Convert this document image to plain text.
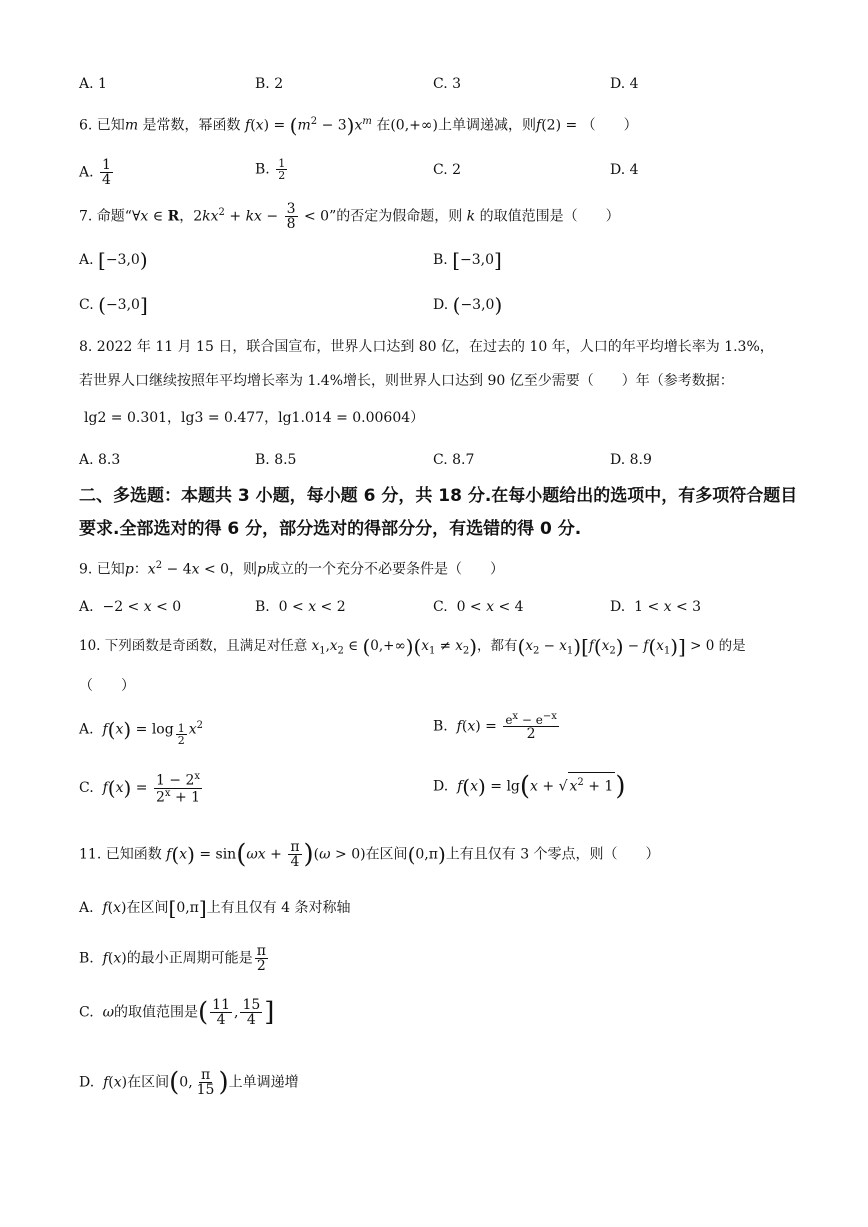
A. 1	B. 2	C. 3	D. 4
6. 已知m 是常数，幂函数 $f(x) = (m^2 - 3)x^m$ 在(0,+∞)上单调递减，则f(2) = （　　）
A. $\frac{1}{4}$	B. $\frac{1}{2}$	C. 2	D. 4
7. 命题“∀x ∈ R，$2kx^2$ + kx − $\frac{3}{8} < 0$”的否定为假命题，则 k 的取值范围是（　　）
A. [−3,0)	B. [−3,0]
C. (−3,0]	D. (−3,0)
8. 2022 年 11 月 15 日，联合国宣布，世界人口达到 80 亿，在过去的 10 年，人口的年平均增长率为 1.3%，
若世界人口继续按照年平均增长率为 1.4%增长，则世界人口达到 90 亿至少需要（　　）年（参考数据：
lg2 = 0.301，lg3 = 0.477，lg1.014 = 0.00604）
A. 8.3	B. 8.5	C. 8.7	D. 8.9
二、多选题：本题共 3 小题，每小题 6 分，共 18 分.在每小题给出的选项中，有多项符合题目
要求.全部选对的得 6 分，部分选对的得部分分，有选错的得 0 分.
9. 已知p：$x^2 - 4x < 0$，则p成立的一个充分不必要条件是（　　）
A.  −2 < x < 0	B.  0 < x < 2	C.  0 < x < 4	D.  1 < x < 3
10. 下列函数是奇函数，且满足对任意 $x_1,x_2$ ∈ $(0,+\infty)(x_1 \ne x_2)$，都有$(x_2 - x_1)[f(x_2) - f(x_1)] > 0$ 的是
（　　）
A. f(x) = log $_{\frac{1}{2}}$ $x^2$	B. $f(x) = \frac{e^x - e^{-x}}{2}$
C. $f(x) = \frac{1 - 2^x}{2^x + 1}$	D. f(x) = lg(x + √ $x^2 + 1$)
11. 已知函数 $f(x) = \sin(\omega x + \frac{\pi}{4} )(\omega > 0)$在区间(0,π)上有且仅有 3 个零点，则（　　）
A. f(x)在区间[0,π]上有且仅有 4 条对称轴
B. f(x)的最小正周期可能是 $\frac{\pi}{2}$
C. ω的取值范围是( $\frac{11}{4}$ , $\frac{15}{4}$ ]
D. f(x)在区间(0, $\frac{\pi}{15}$ )上单调递增
